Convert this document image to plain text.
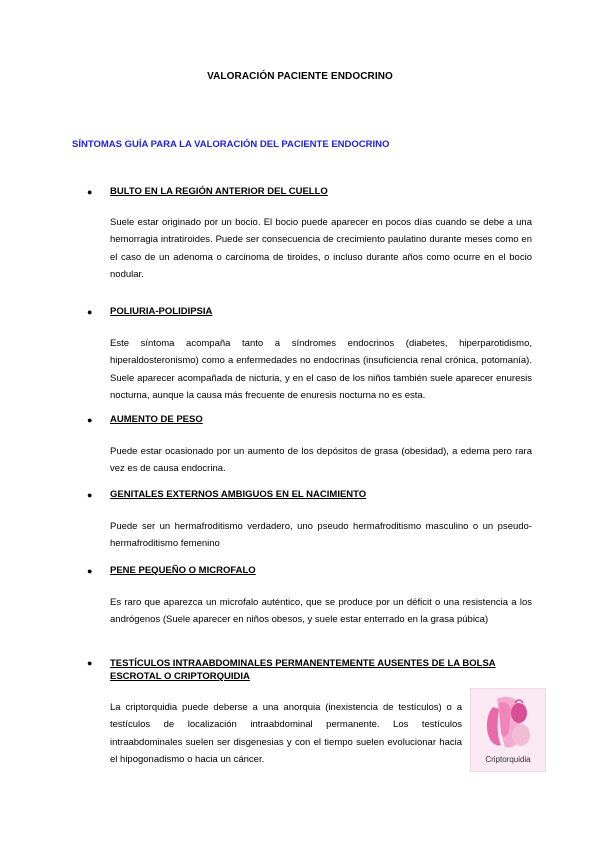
VALORACIÓN PACIENTE ENDOCRINO
SÍNTOMAS GUÍA PARA LA VALORACIÓN DEL PACIENTE ENDOCRINO
● BULTO EN LA REGIÓN ANTERIOR DEL CUELLO
Suele estar originado por un bocio. El bocio puede aparecer en pocos días cuando se debe a una hemorragia intratiroides. Puede ser consecuencia de crecimiento paulatino durante meses como en el caso de un adenoma o carcinoma de tiroides, o incluso durante años como ocurre en el bocio nodular.
● POLIURIA-POLIDIPSIA
Este síntoma acompaña tanto a síndromes endocrinos (diabetes, hiperparotidismo, hiperaldosteronismo) como a enfermedades no endocrinas (insuficiencia renal crónica, potomanía). Suele aparecer acompañada de nicturia, y en el caso de los niños también suele aparecer enuresis nocturna, aunque la causa más frecuente de enuresis nocturna no es esta.
● AUMENTO DE PESO
Puede estar ocasionado por un aumento de los depósitos de grasa (obesidad), a edema pero rara vez es de causa endocrina.
● GENITALES EXTERNOS AMBIGUOS EN EL NACIMIENTO
Puede ser un hermafroditismo verdadero, uno pseudo hermafroditismo masculino o un pseudo-hermafroditismo femenino
● PENE PEQUEÑO O MICROFALO
Es raro que aparezca un microfalo auténtico, que se produce por un déficit o una resistencia a los andrógenos (Suele aparecer en niños obesos, y suele estar enterrado en la grasa púbica)
● TESTÍCULOS INTRAABDOMINALES PERMANENTEMENTE AUSENTES DE LA BOLSA ESCROTAL O CRIPTORQUIDIA
La criptorquidia puede deberse a una anorquia (inexistencia de testículos) o a testículos de localización intraabdominal permanente. Los testículos intraabdominales suelen ser disgenesias y con el tiempo suelen evolucionar hacia el hipogonadismo o hacia un cáncer.	Criptorquidia
